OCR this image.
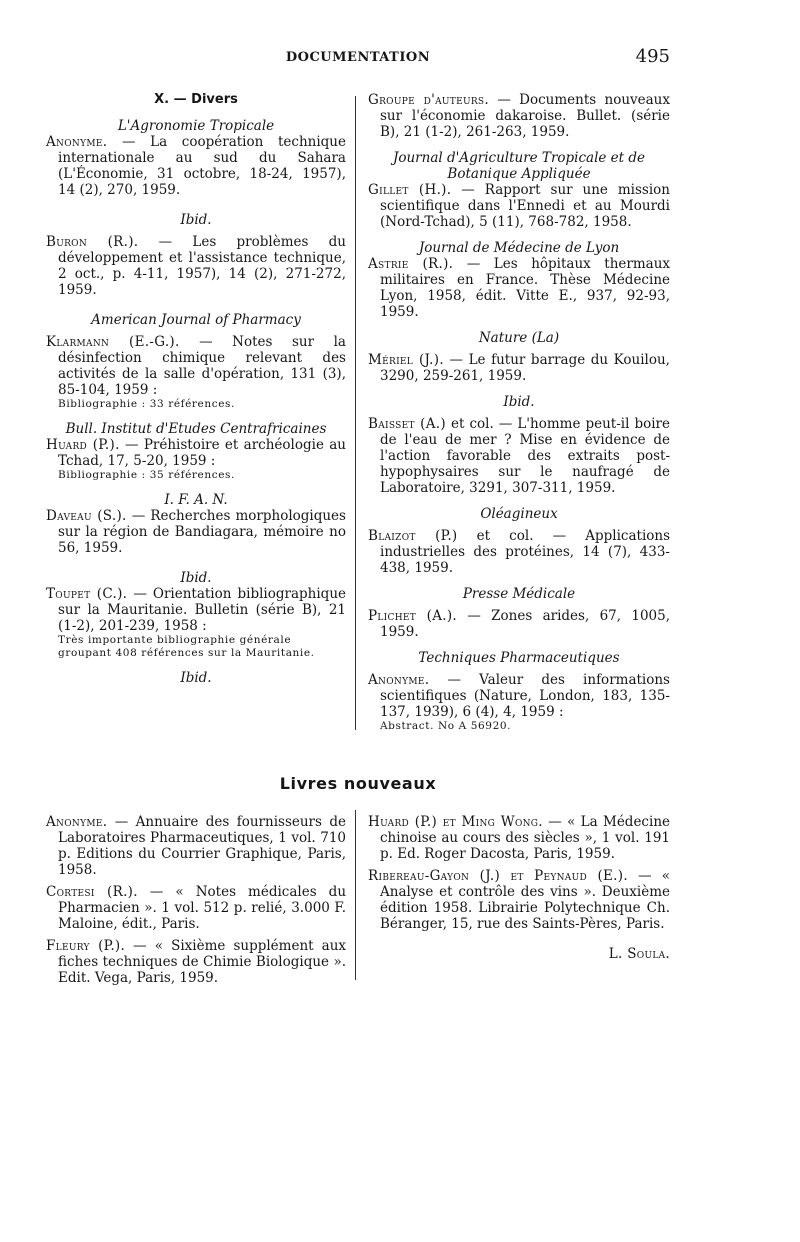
DOCUMENTATION	495

X. — Divers

L'Agronomie Tropicale

Anonyme. — La coopération technique internationale au sud du Sahara (L'Économie, 31 octobre, 18-24, 1957), 14 (2), 270, 1959.

Ibid.

Buron (R.). — Les problèmes du développement et l'assistance technique, 2 oct., p. 4-11, 1957), 14 (2), 271-272, 1959.

American Journal of Pharmacy

Klarmann (E.-G.). — Notes sur la désinfection chimique relevant des activités de la salle d'opération, 131 (3), 85-104, 1959 :

Bibliographie : 33 références.

Bull. Institut d'Etudes Centrafricaines

Huard (P.). — Préhistoire et archéologie au Tchad, 17, 5-20, 1959 :

Bibliographie : 35 références.

I. F. A. N.

Daveau (S.). — Recherches morphologiques sur la région de Bandiagara, mémoire no 56, 1959.

Ibid.

Toupet (C.). — Orientation bibliographique sur la Mauritanie. Bulletin (série B), 21 (1-2), 201-239, 1958 :

Très importante bibliographie générale groupant 408 références sur la Mauritanie.

Ibid.

Groupe d'auteurs. — Documents nouveaux sur l'économie dakaroise. Bullet. (série B), 21 (1-2), 261-263, 1959.

Journal d'Agriculture Tropicale et de Botanique Appliquée

Gillet (H.). — Rapport sur une mission scientifique dans l'Ennedi et au Mourdi (Nord-Tchad), 5 (11), 768-782, 1958.

Journal de Médecine de Lyon

Astrie (R.). — Les hôpitaux thermaux militaires en France. Thèse Médecine Lyon, 1958, édit. Vitte E., 937, 92-93, 1959.

Nature (La)

Mériel (J.). — Le futur barrage du Kouilou, 3290, 259-261, 1959.

Ibid.

Baisset (A.) et col. — L'homme peut-il boire de l'eau de mer ? Mise en évidence de l'action favorable des extraits post-hypophysaires sur le naufragé de Laboratoire, 3291, 307-311, 1959.

Oléagineux

Blaizot (P.) et col. — Applications industrielles des protéines, 14 (7), 433-438, 1959.

Presse Médicale

Plichet (A.). — Zones arides, 67, 1005, 1959.

Techniques Pharmaceutiques

Anonyme. — Valeur des informations scientifiques (Nature, London, 183, 135-137, 1939), 6 (4), 4, 1959 :

Abstract. No A 56920.

Livres nouveaux

Anonyme. — Annuaire des fournisseurs de Laboratoires Pharmaceutiques, 1 vol. 710 p. Editions du Courrier Graphique, Paris, 1958.

Cortesi (R.). — « Notes médicales du Pharmacien ». 1 vol. 512 p. relié, 3.000 F. Maloine, édit., Paris.

Fleury (P.). — « Sixième supplément aux fiches techniques de Chimie Biologique ». Edit. Vega, Paris, 1959.

Huard (P.) et Ming Wong. — « La Médecine chinoise au cours des siècles », 1 vol. 191 p. Ed. Roger Dacosta, Paris, 1959.

Ribereau-Gayon (J.) et Peynaud (E.). — « Analyse et contrôle des vins ». Deuxième édition 1958. Librairie Polytechnique Ch. Béranger, 15, rue des Saints-Pères, Paris.

L. Soula.
